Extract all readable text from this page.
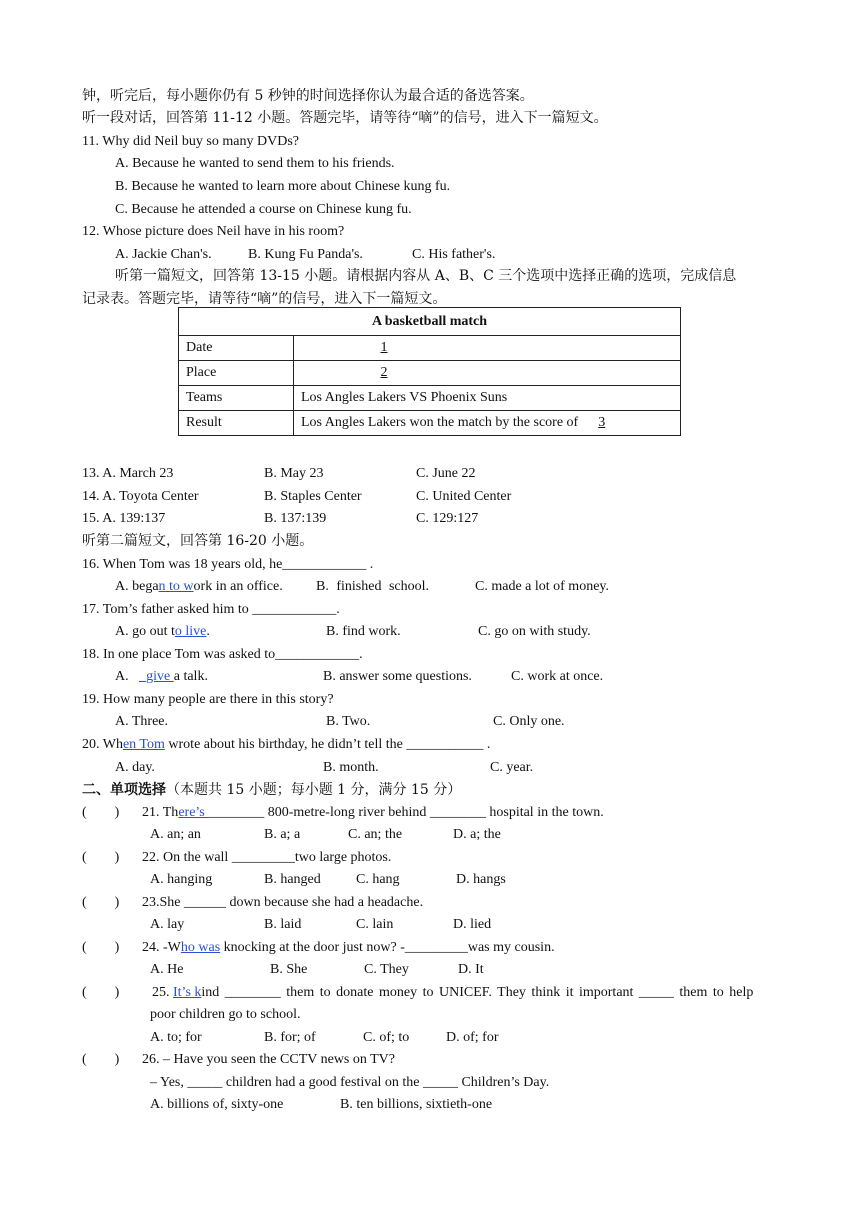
钟，听完后，每小题你仍有 5 秒钟的时间选择你认为最合适的备选答案。
听一段对话，回答第 11-12 小题。答题完毕，请等待“嘀”的信号，进入下一篇短文。
11. Why did Neil buy so many DVDs?
A. Because he wanted to send them to his friends.
B. Because he wanted to learn more about Chinese kung fu.
C. Because he attended a course on Chinese kung fu.
12. Whose picture does Neil have in his room?
A. Jackie Chan's.	B. Kung Fu Panda's.	C. His father's.
听第一篇短文，回答第 13-15 小题。请根据内容从 A、B、C 三个选项中选择正确的选项，完成信息
记录表。答题完毕，请等待“嘀”的信号，进入下一篇短文。
A basketball match	
Date	1
Place	2
Teams	Los Angles Lakers VS Phoenix Suns
Result	Los Angles Lakers won the match by the score of 3
13. A. March 23	B. May 23	C. June 22
14. A. Toyota Center	B. Staples Center	C. United Center
15. A. 139:137	B. 137:139	C. 129:127
听第二篇短文，回答第 16-20 小题。
16. When Tom was 18 years old, he____________ .
A. began to work in an office. B. finished school.	C. made a lot of money.
17. Tom’s father asked him to ____________.
A. go out to live.	B. find work.	C. go on with study.
18. In one place Tom was asked to____________.
A.   _give a talk.	B. answer some questions.	C. work at once.
19. How many people are there in this story?
A. Three.	B. Two.	C. Only one.
20. When Tom wrote about his birthday, he didn’t tell the ___________ .
A. day.	B. month.	C. year.
二、单项选择（本题共 15 小题；每小题 1 分，满分 15 分）
(        ) 21. There’s ________ 800-metre-long river behind ________ hospital in the town.
A. an; an	B. a; a	C. an; the	D. a; the
(        ) 22. On the wall _________two large photos.
A. hanging	B. hanged	C. hang	D. hangs
(        ) 23.She ______ down because she had a headache.
A. lay	B. laid	C. lain	D. lied
(        ) 24. -Who was knocking at the door just now? -_________was my cousin.
A. He	B. She	C. They	D. It
(        ) 25. It’s kind ________ them to donate money to UNICEF. They think it important _____ them to help
poor children go to school.
A. to; for	B. for; of	C. of; to	D. of; for
(        ) 26. – Have you seen the CCTV news on TV?
– Yes, _____ children had a good festival on the _____ Children’s Day.
A. billions of, sixty-one	B. ten billions, sixtieth-one
